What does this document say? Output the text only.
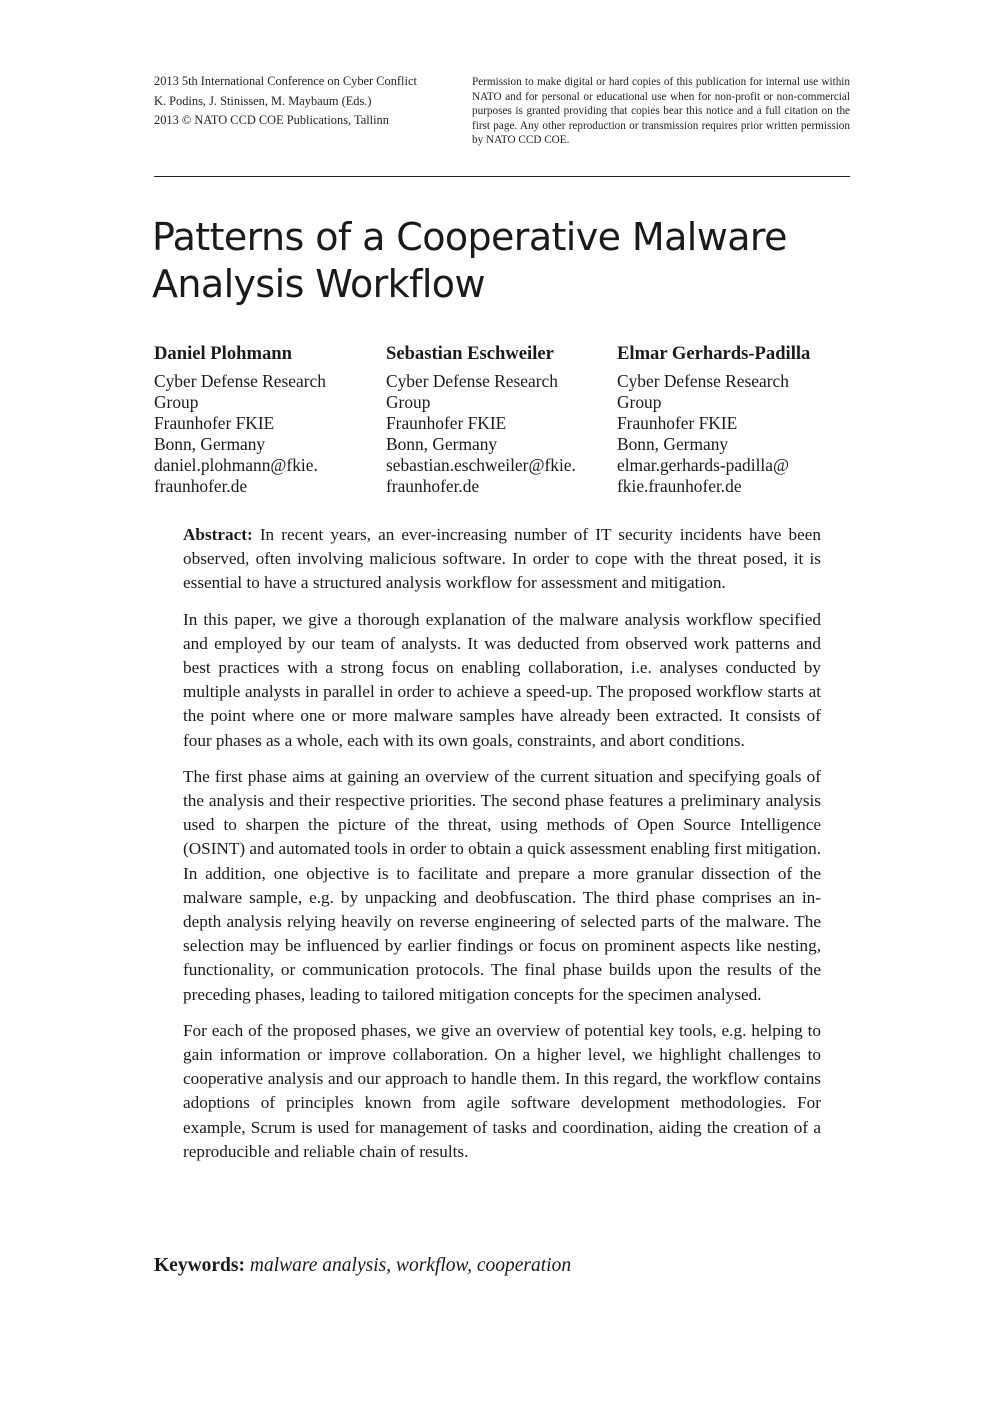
2013 5th International Conference on Cyber Conflict
K. Podins, J. Stinissen, M. Maybaum (Eds.)
2013 © NATO CCD COE Publications, Tallinn
Permission to make digital or hard copies of this publication for internal use within NATO and for personal or educational use when for non-profit or non-commercial purposes is granted providing that copies bear this notice and a full citation on the first page. Any other reproduction or transmission requires prior written permission by NATO CCD COE.
Patterns of a Cooperative Malware
Analysis Workflow
Daniel Plohmann
Cyber Defense Research
Group
Fraunhofer FKIE
Bonn, Germany
daniel.plohmann@fkie.
fraunhofer.de
Sebastian Eschweiler
Cyber Defense Research
Group
Fraunhofer FKIE
Bonn, Germany
sebastian.eschweiler@fkie.
fraunhofer.de
Elmar Gerhards-Padilla
Cyber Defense Research
Group
Fraunhofer FKIE
Bonn, Germany
elmar.gerhards-padilla@
fkie.fraunhofer.de

Abstract: In recent years, an ever-increasing number of IT security incidents have been observed, often involving malicious software. In order to cope with the threat posed, it is essential to have a structured analysis workflow for assessment and mitigation.

In this paper, we give a thorough explanation of the malware analysis workflow specified and employed by our team of analysts. It was deducted from observed work patterns and best practices with a strong focus on enabling collaboration, i.e. analyses conducted by multiple analysts in parallel in order to achieve a speed-up. The proposed workflow starts at the point where one or more malware samples have already been extracted. It consists of four phases as a whole, each with its own goals, constraints, and abort conditions.

The first phase aims at gaining an overview of the current situation and specifying goals of the analysis and their respective priorities. The second phase features a preliminary analysis used to sharpen the picture of the threat, using methods of Open Source Intelligence (OSINT) and automated tools in order to obtain a quick assessment enabling first mitigation. In addition, one objective is to facilitate and prepare a more granular dissection of the malware sample, e.g. by unpacking and deobfuscation. The third phase comprises an in-depth analysis relying heavily on reverse engineering of selected parts of the malware. The selection may be influenced by earlier findings or focus on prominent aspects like nesting, functionality, or communication protocols. The final phase builds upon the results of the preceding phases, leading to tailored mitigation concepts for the specimen analysed.

For each of the proposed phases, we give an overview of potential key tools, e.g. helping to gain information or improve collaboration. On a higher level, we highlight challenges to cooperative analysis and our approach to handle them. In this regard, the workflow contains adoptions of principles known from agile software development methodologies. For example, Scrum is used for management of tasks and coordination, aiding the creation of a reproducible and reliable chain of results.

Keywords: malware analysis, workflow, cooperation
